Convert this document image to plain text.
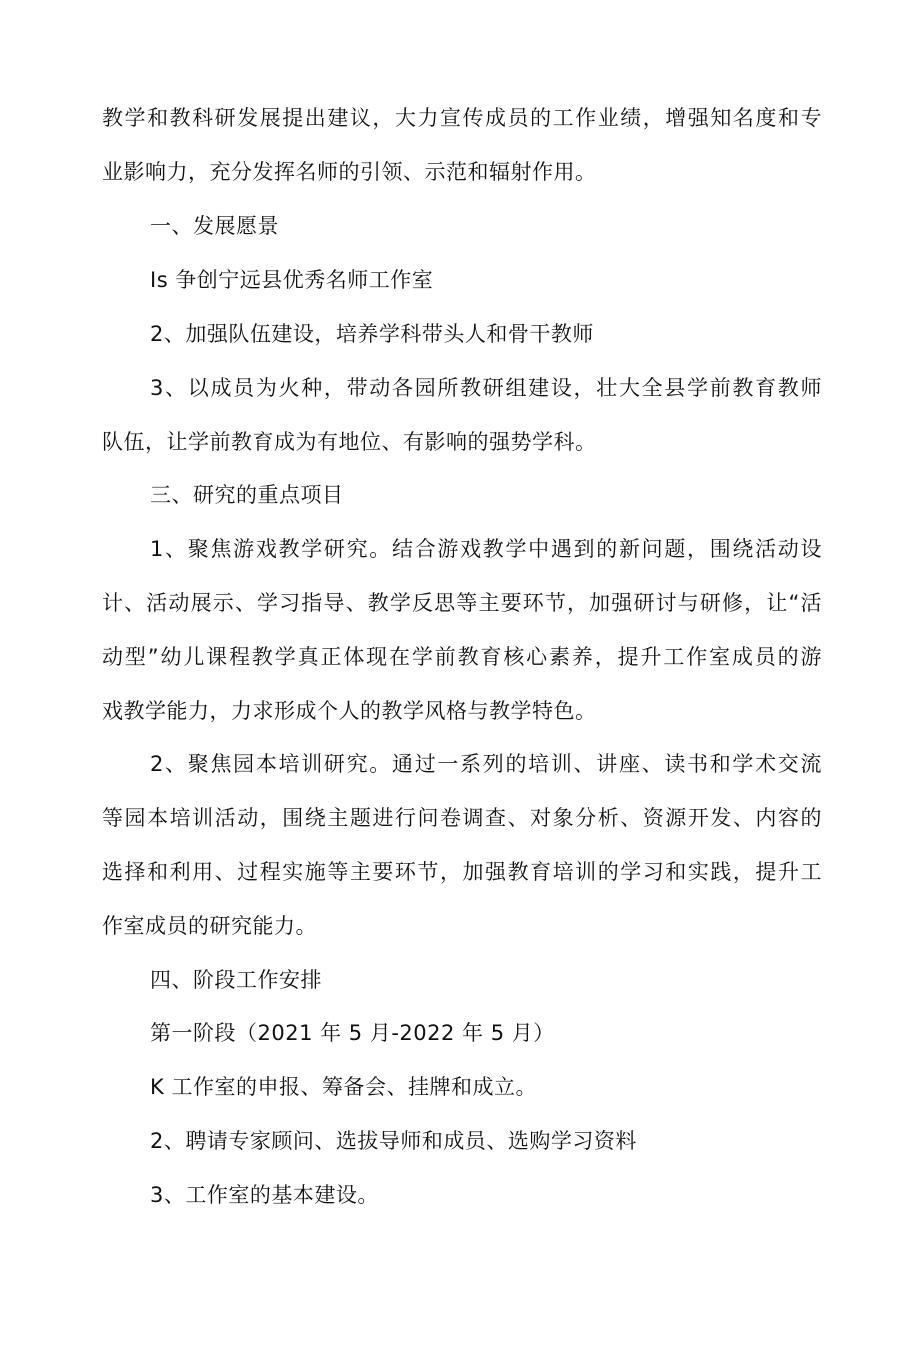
教学和教科研发展提出建议，大力宣传成员的工作业绩，增强知名度和专
业影响力，充分发挥名师的引领、示范和辐射作用。
一、发展愿景
Is 争创宁远县优秀名师工作室
2、加强队伍建设，培养学科带头人和骨干教师
3、以成员为火种，带动各园所教研组建设，壮大全县学前教育教师
队伍，让学前教育成为有地位、有影响的强势学科。
三、研究的重点项目
1、聚焦游戏教学研究。结合游戏教学中遇到的新问题，围绕活动设
计、活动展示、学习指导、教学反思等主要环节，加强研讨与研修，让“活
动型”幼儿课程教学真正体现在学前教育核心素养，提升工作室成员的游
戏教学能力，力求形成个人的教学风格与教学特色。
2、聚焦园本培训研究。通过一系列的培训、讲座、读书和学术交流
等园本培训活动，围绕主题进行问卷调查、对象分析、资源开发、内容的
选择和利用、过程实施等主要环节，加强教育培训的学习和实践，提升工
作室成员的研究能力。
四、阶段工作安排
第一阶段（2021 年 5 月-2022 年 5 月）
K 工作室的申报、筹备会、挂牌和成立。
2、聘请专家顾问、选拔导师和成员、选购学习资料
3、工作室的基本建设。
